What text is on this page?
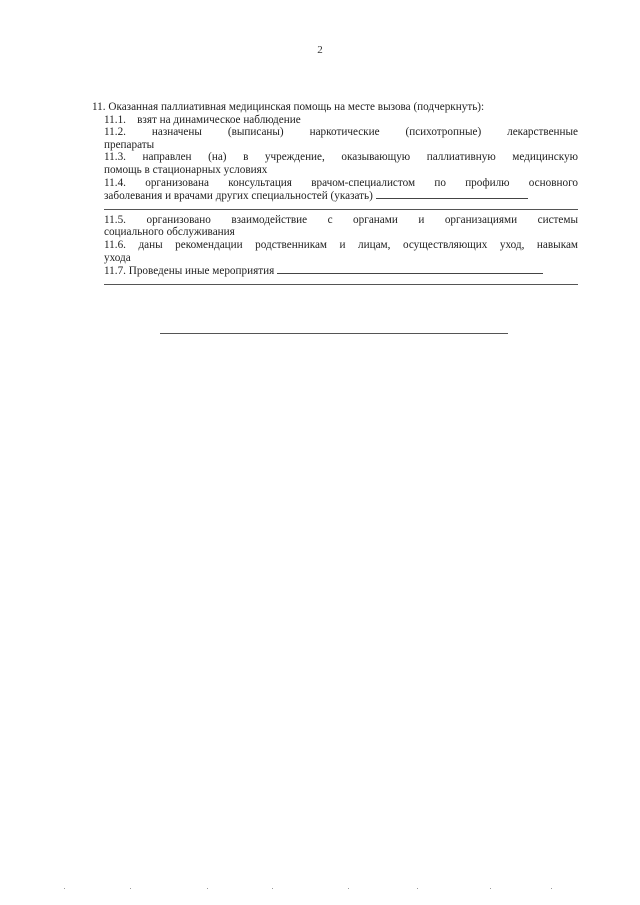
2

11. Оказанная паллиативная медицинская помощь на месте вызова (подчеркнуть):

11.1.    взят на динамическое наблюдение

11.2. назначены (выписаны) наркотические (психотропные) лекарственные

препараты

11.3. направлен (на) в учреждение, оказывающую паллиативную медицинскую

помощь в стационарных условиях

11.4. организована консультация врачом-специалистом по профилю основного

заболевания и врачами других специальностей (указать)

11.5. организовано взаимодействие с органами и организациями системы

социального обслуживания

11.6. даны рекомендации родственникам и лицам, осуществляющих уход, навыкам

ухода

11.7. Проведены иные мероприятия
